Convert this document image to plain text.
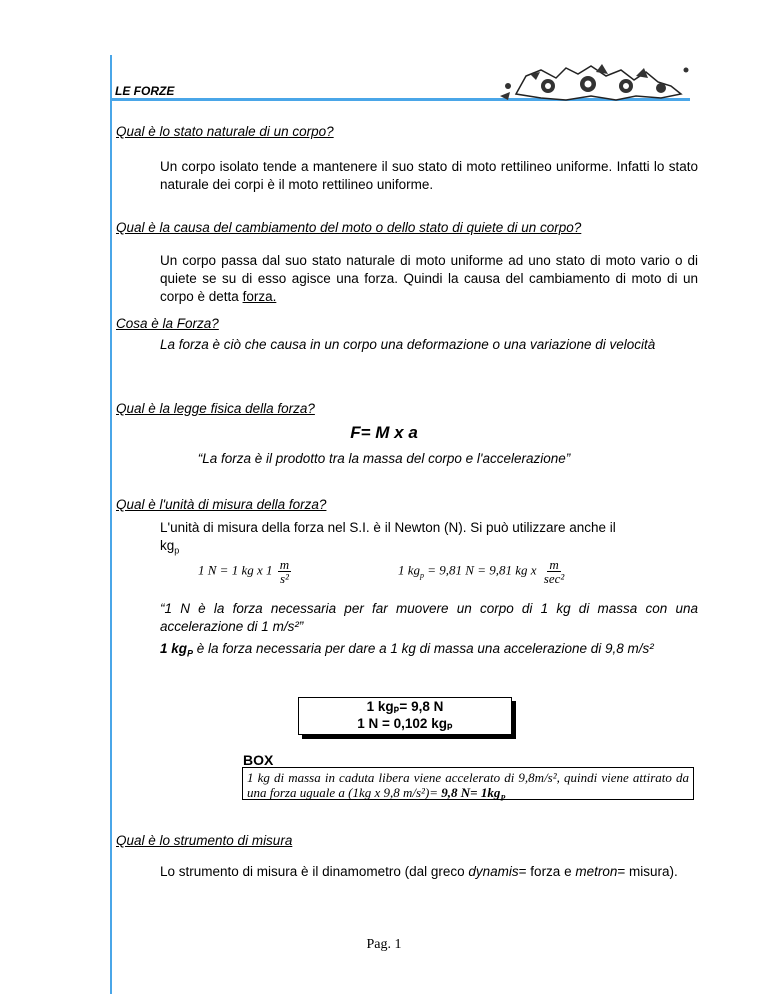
LE FORZE
Qual è lo stato naturale di un corpo?
Un corpo isolato tende a mantenere il suo stato di moto rettilineo uniforme. Infatti lo stato naturale dei corpi è il moto rettilineo uniforme.
Qual è la causa del cambiamento del moto o dello stato di quiete di un corpo?
Un corpo passa dal suo stato naturale di moto uniforme ad uno stato di moto vario o di quiete se su di esso agisce una forza. Quindi la causa del cambiamento di moto di un corpo è detta forza.
Cosa è la Forza?
La forza è ciò che causa in un corpo una deformazione o una variazione di velocità
Qual è la legge fisica della forza?
F= M x a
“La forza è il prodotto tra la massa del corpo e l'accelerazione”
Qual è l'unità di misura della forza?
L'unità di misura della forza nel S.I. è il Newton (N). Si può utilizzare anche il
$kg_p$
1 N = 1 kg x $1 \frac{m}{\text{s²}}$	1 $kg_p = 9,81$ N = 9,81 kg x $\frac{m}{\text{sec²}}$
“1 N è la forza necessaria per far muovere un corpo di 1 kg di massa con una accelerazione di 1 m/s²”
1 $kg_P$ è la forza necessaria per dare a 1 kg di massa una accelerazione di 9,8 m/s²
1 kgₚ= 9,8 N
1 N = 0,102 kgₚ
BOX
1 kg di massa in caduta libera viene accelerato di 9,8m/s², quindi viene attirato da una forza uguale a (1kg x 9,8 m/s²)= 9,8 $N= 1kg_P$
Qual è lo strumento di misura
Lo strumento di misura è il dinamometro (dal greco dynamis= forza e metron= misura).
Pag. 1
